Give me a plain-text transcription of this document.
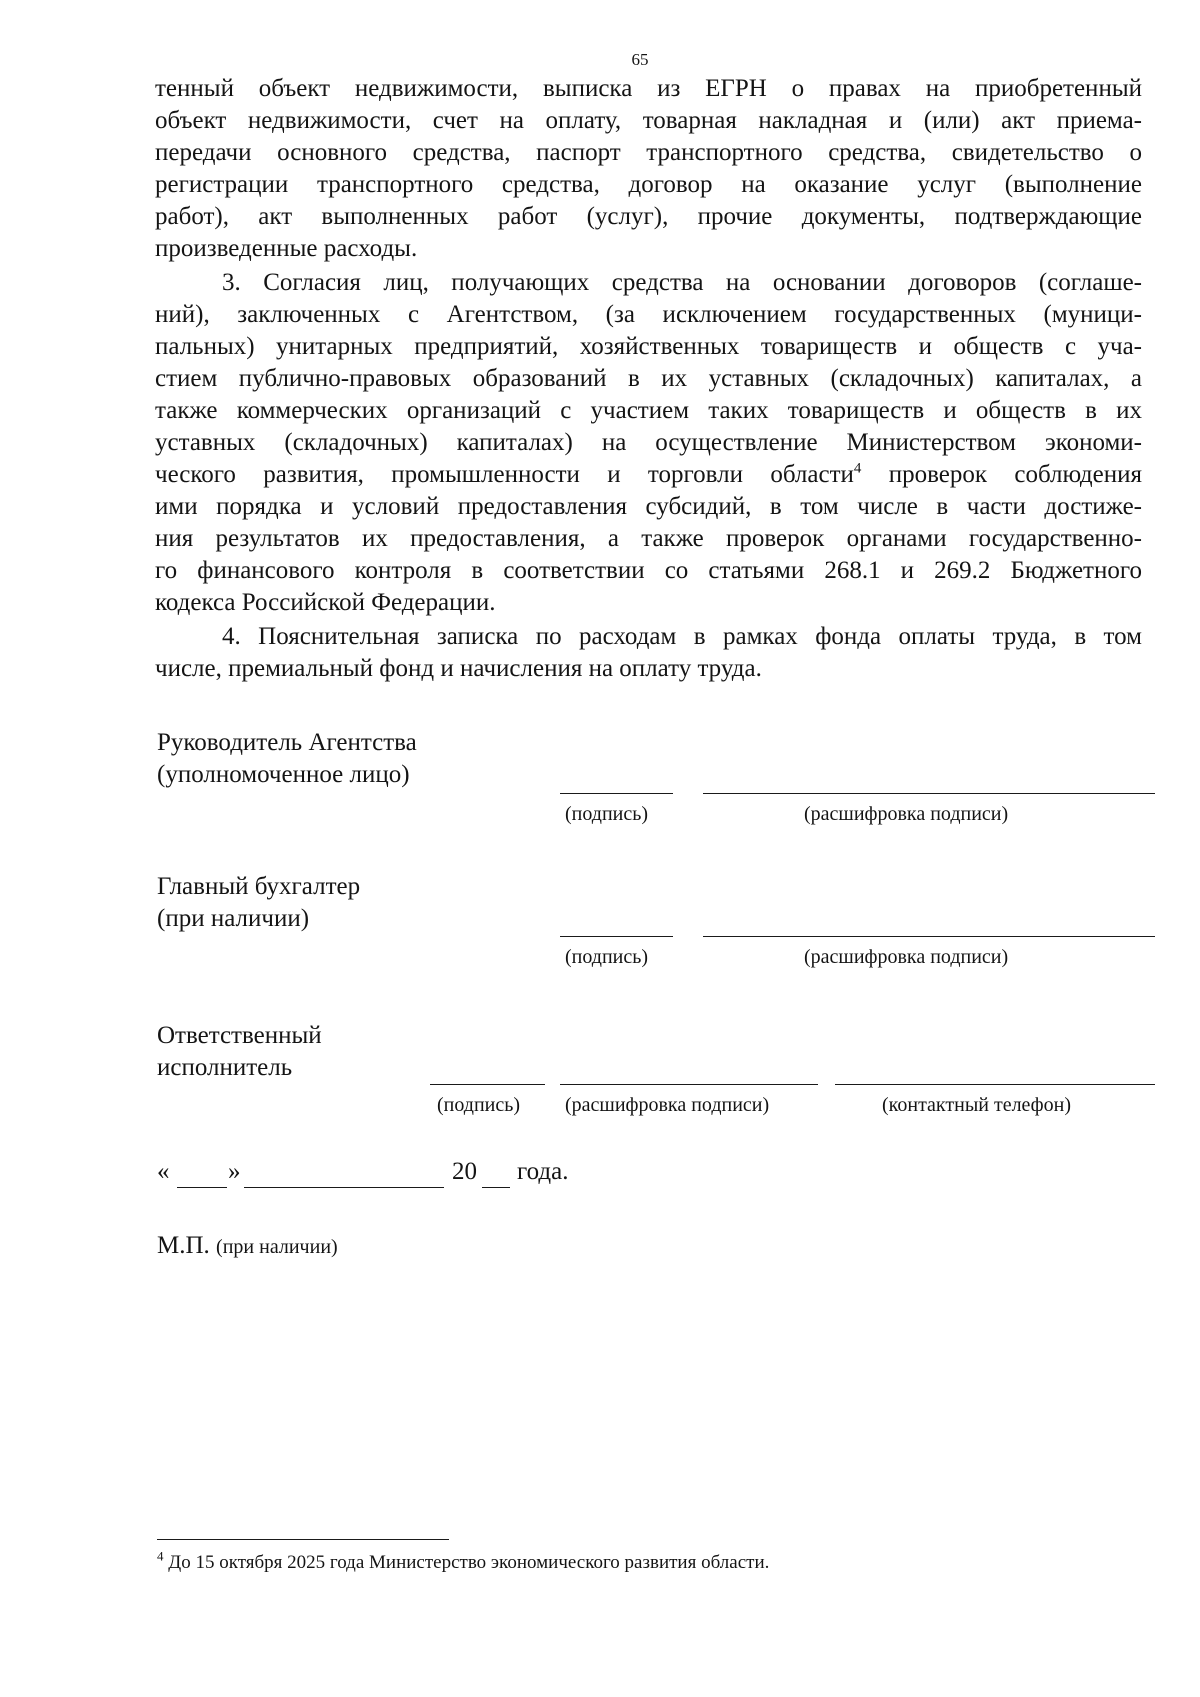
65
тенный объект недвижимости, выписка из ЕГРН о правах на приобретенный
объект недвижимости, счет на оплату, товарная накладная и (или) акт приема-
передачи основного средства, паспорт транспортного средства, свидетельство о
регистрации транспортного средства, договор на оказание услуг (выполнение
работ), акт выполненных работ (услуг), прочие документы, подтверждающие
произведенные расходы.
3. Согласия лиц, получающих средства на основании договоров (соглаше-
ний), заключенных с Агентством, (за исключением государственных (муници-
пальных) унитарных предприятий, хозяйственных товариществ и обществ с уча-
стием публично-правовых образований в их уставных (складочных) капиталах, а
также коммерческих организаций с участием таких товариществ и обществ в их
уставных (складочных) капиталах) на осуществление Министерством экономи-
ческого развития, промышленности и торговли области$^4$ проверок соблюдения
ими порядка и условий предоставления субсидий, в том числе в части достиже-
ния результатов их предоставления, а также проверок органами государственно-
го финансового контроля в соответствии со статьями 268.1 и 269.2 Бюджетного
кодекса Российской Федерации.
4. Пояснительная записка по расходам в рамках фонда оплаты труда, в том
числе, премиальный фонд и начисления на оплату труда.
Руководитель Агентства
(уполномоченное лицо)
(подпись)	(расшифровка подписи)
Главный бухгалтер
(при наличии)
(подпись)	(расшифровка подписи)
Ответственный
исполнитель
(подпись) (расшифровка подписи)	(контактный телефон)
« »	20 года.
М.П. (при наличии)
$^4$ До 15 октября 2025 года Министерство экономического развития области.
